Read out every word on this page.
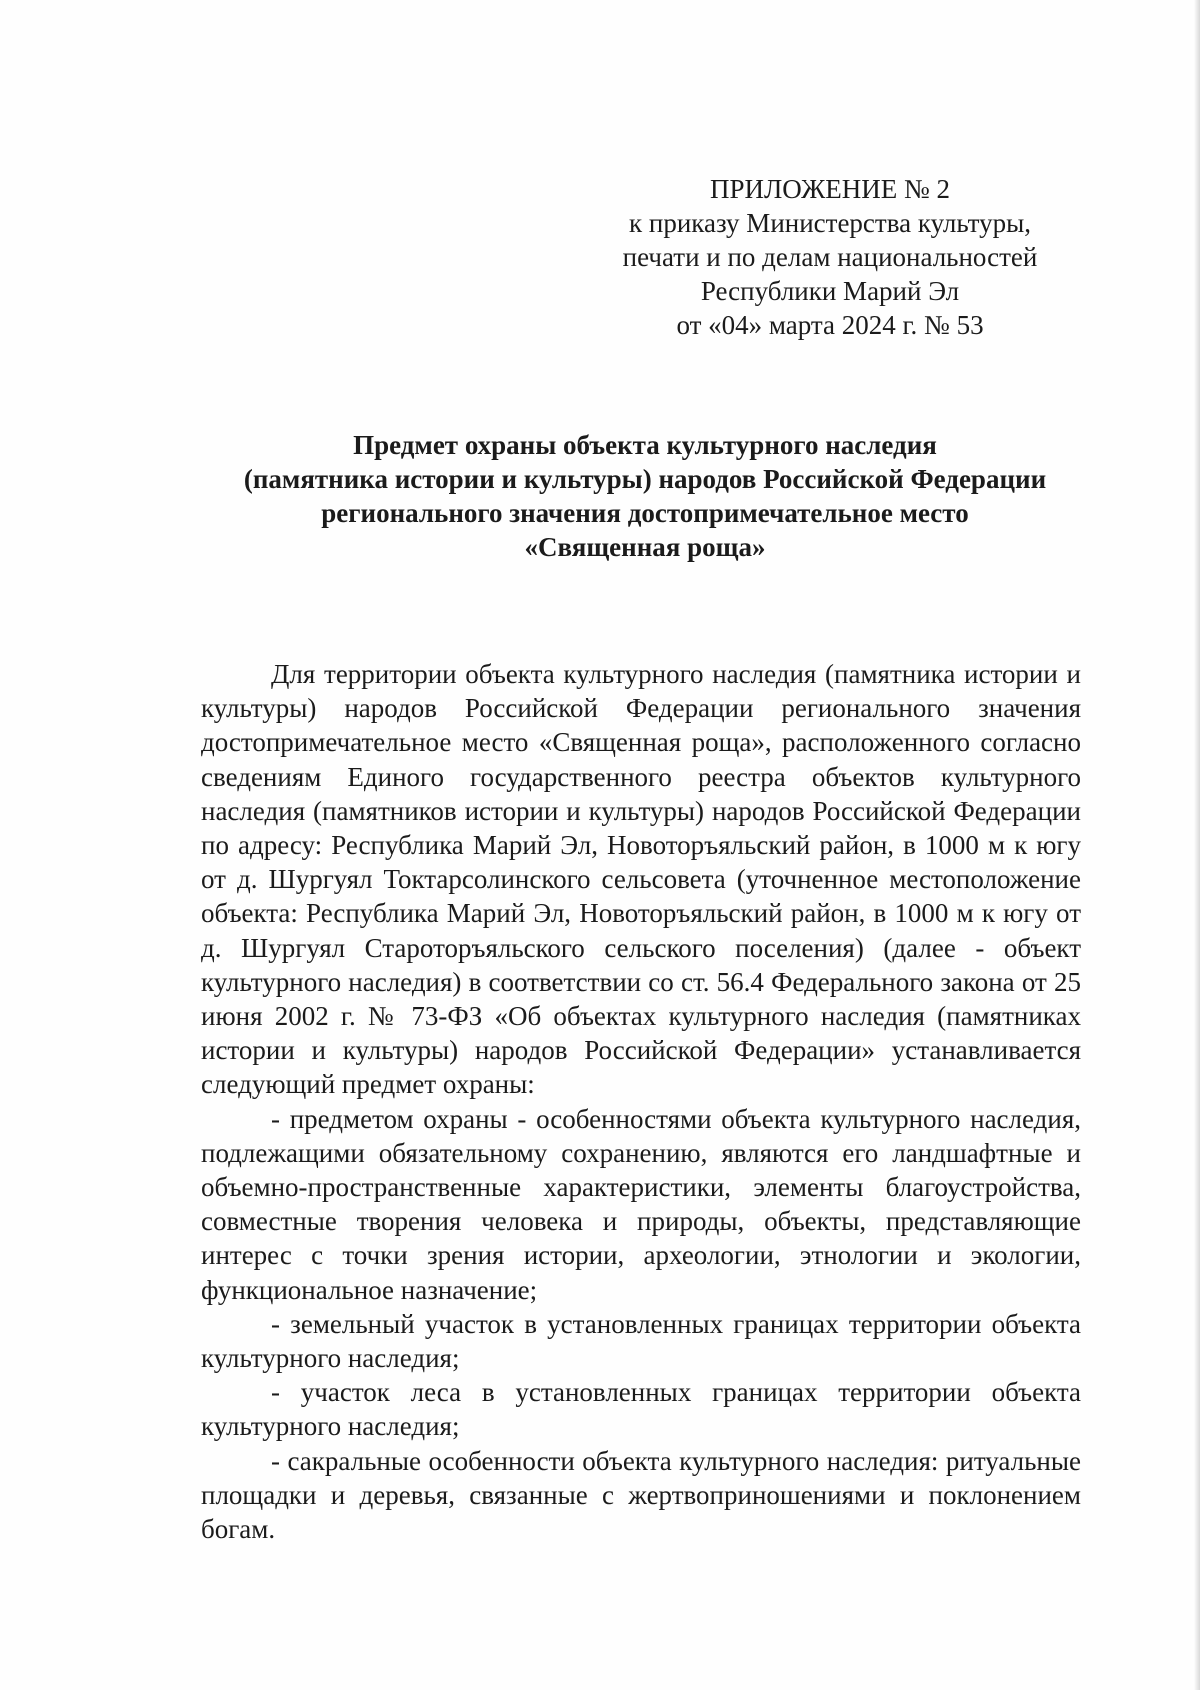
ПРИЛОЖЕНИЕ № 2
к приказу Министерства культуры,
печати и по делам национальностей
Республики Марий Эл
от «04» марта 2024 г. № 53
Предмет охраны объекта культурного наследия
(памятника истории и культуры) народов Российской Федерации
регионального значения достопримечательное место
«Священная роща»

Для территории объекта культурного наследия (памятника истории и культуры) народов Российской Федерации регионального значения достопримечательное место «Священная роща», расположенного согласно сведениям Единого государственного реестра объектов культурного наследия (памятников истории и культуры) народов Российской Федерации по адресу: Республика Марий Эл, Новоторъяльский район, в 1000 м к югу от д. Шургуял Токтарсолинского сельсовета (уточненное местоположение объекта: Республика Марий Эл, Новоторъяльский район, в 1000 м к югу от д. Шургуял Староторъяльского сельского поселения) (далее - объект культурного наследия) в соответствии со ст. 56.4 Федерального закона от 25 июня 2002 г. № 73-ФЗ «Об объектах культурного наследия (памятниках истории и культуры) народов Российской Федерации» устанавливается следующий предмет охраны:

- предметом охраны - особенностями объекта культурного наследия, подлежащими обязательному сохранению, являются его ландшафтные и объемно-пространственные характеристики, элементы благоустройства, совместные творения человека и природы, объекты, представляющие интерес с точки зрения истории, археологии, этнологии и экологии, функциональное назначение;

- земельный участок в установленных границах территории объекта культурного наследия;

- участок леса в установленных границах территории объекта культурного наследия;

- сакральные особенности объекта культурного наследия: ритуальные площадки и деревья, связанные с жертвоприношениями и поклонением богам.
